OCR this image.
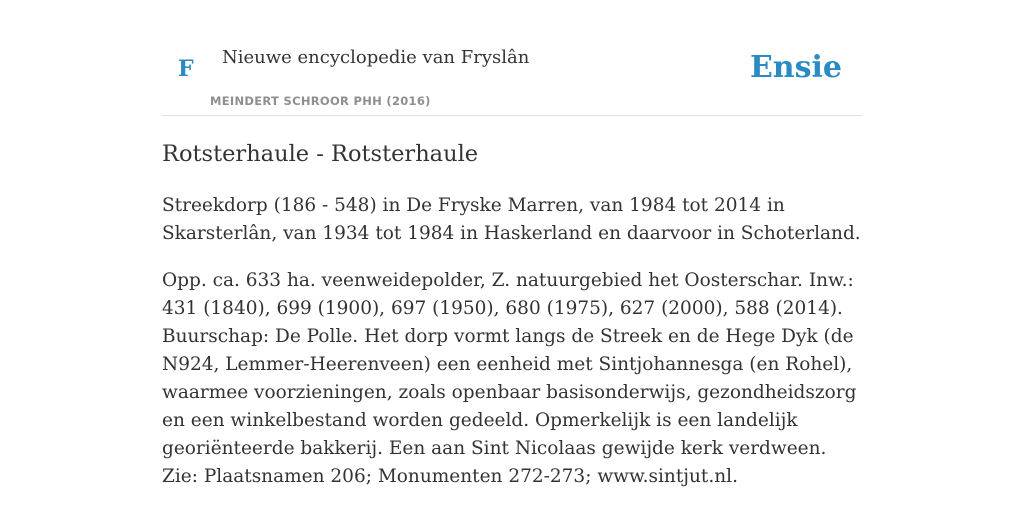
F Nieuwe encyclopedie van Fryslân
MEINDERT SCHROOR PHH (2016)
Ensie
Rotsterhaule - Rotsterhaule

Streekdorp (186 - 548) in De Fryske Marren, van 1984 tot 2014 in Skarsterlân, van 1934 tot 1984 in Haskerland en daarvoor in Schoterland.

Opp. ca. 633 ha. veenweidepolder, Z. natuurgebied het Oosterschar. Inw.: 431 (1840), 699 (1900), 697 (1950), 680 (1975), 627 (2000), 588 (2014). Buurschap: De Polle. Het dorp vormt langs de Streek en de Hege Dyk (de N924, Lemmer-Heerenveen) een eenheid met Sintjohannesga (en Rohel), waarmee voorzieningen, zoals openbaar basisonderwijs, gezondheidszorg en een winkelbestand worden gedeeld. Opmerkelijk is een landelijk georiënteerde bakkerij. Een aan Sint Nicolaas gewijde kerk verdween. Zie: Plaatsnamen 206; Monumenten 272-273; www.sintjut.nl.
